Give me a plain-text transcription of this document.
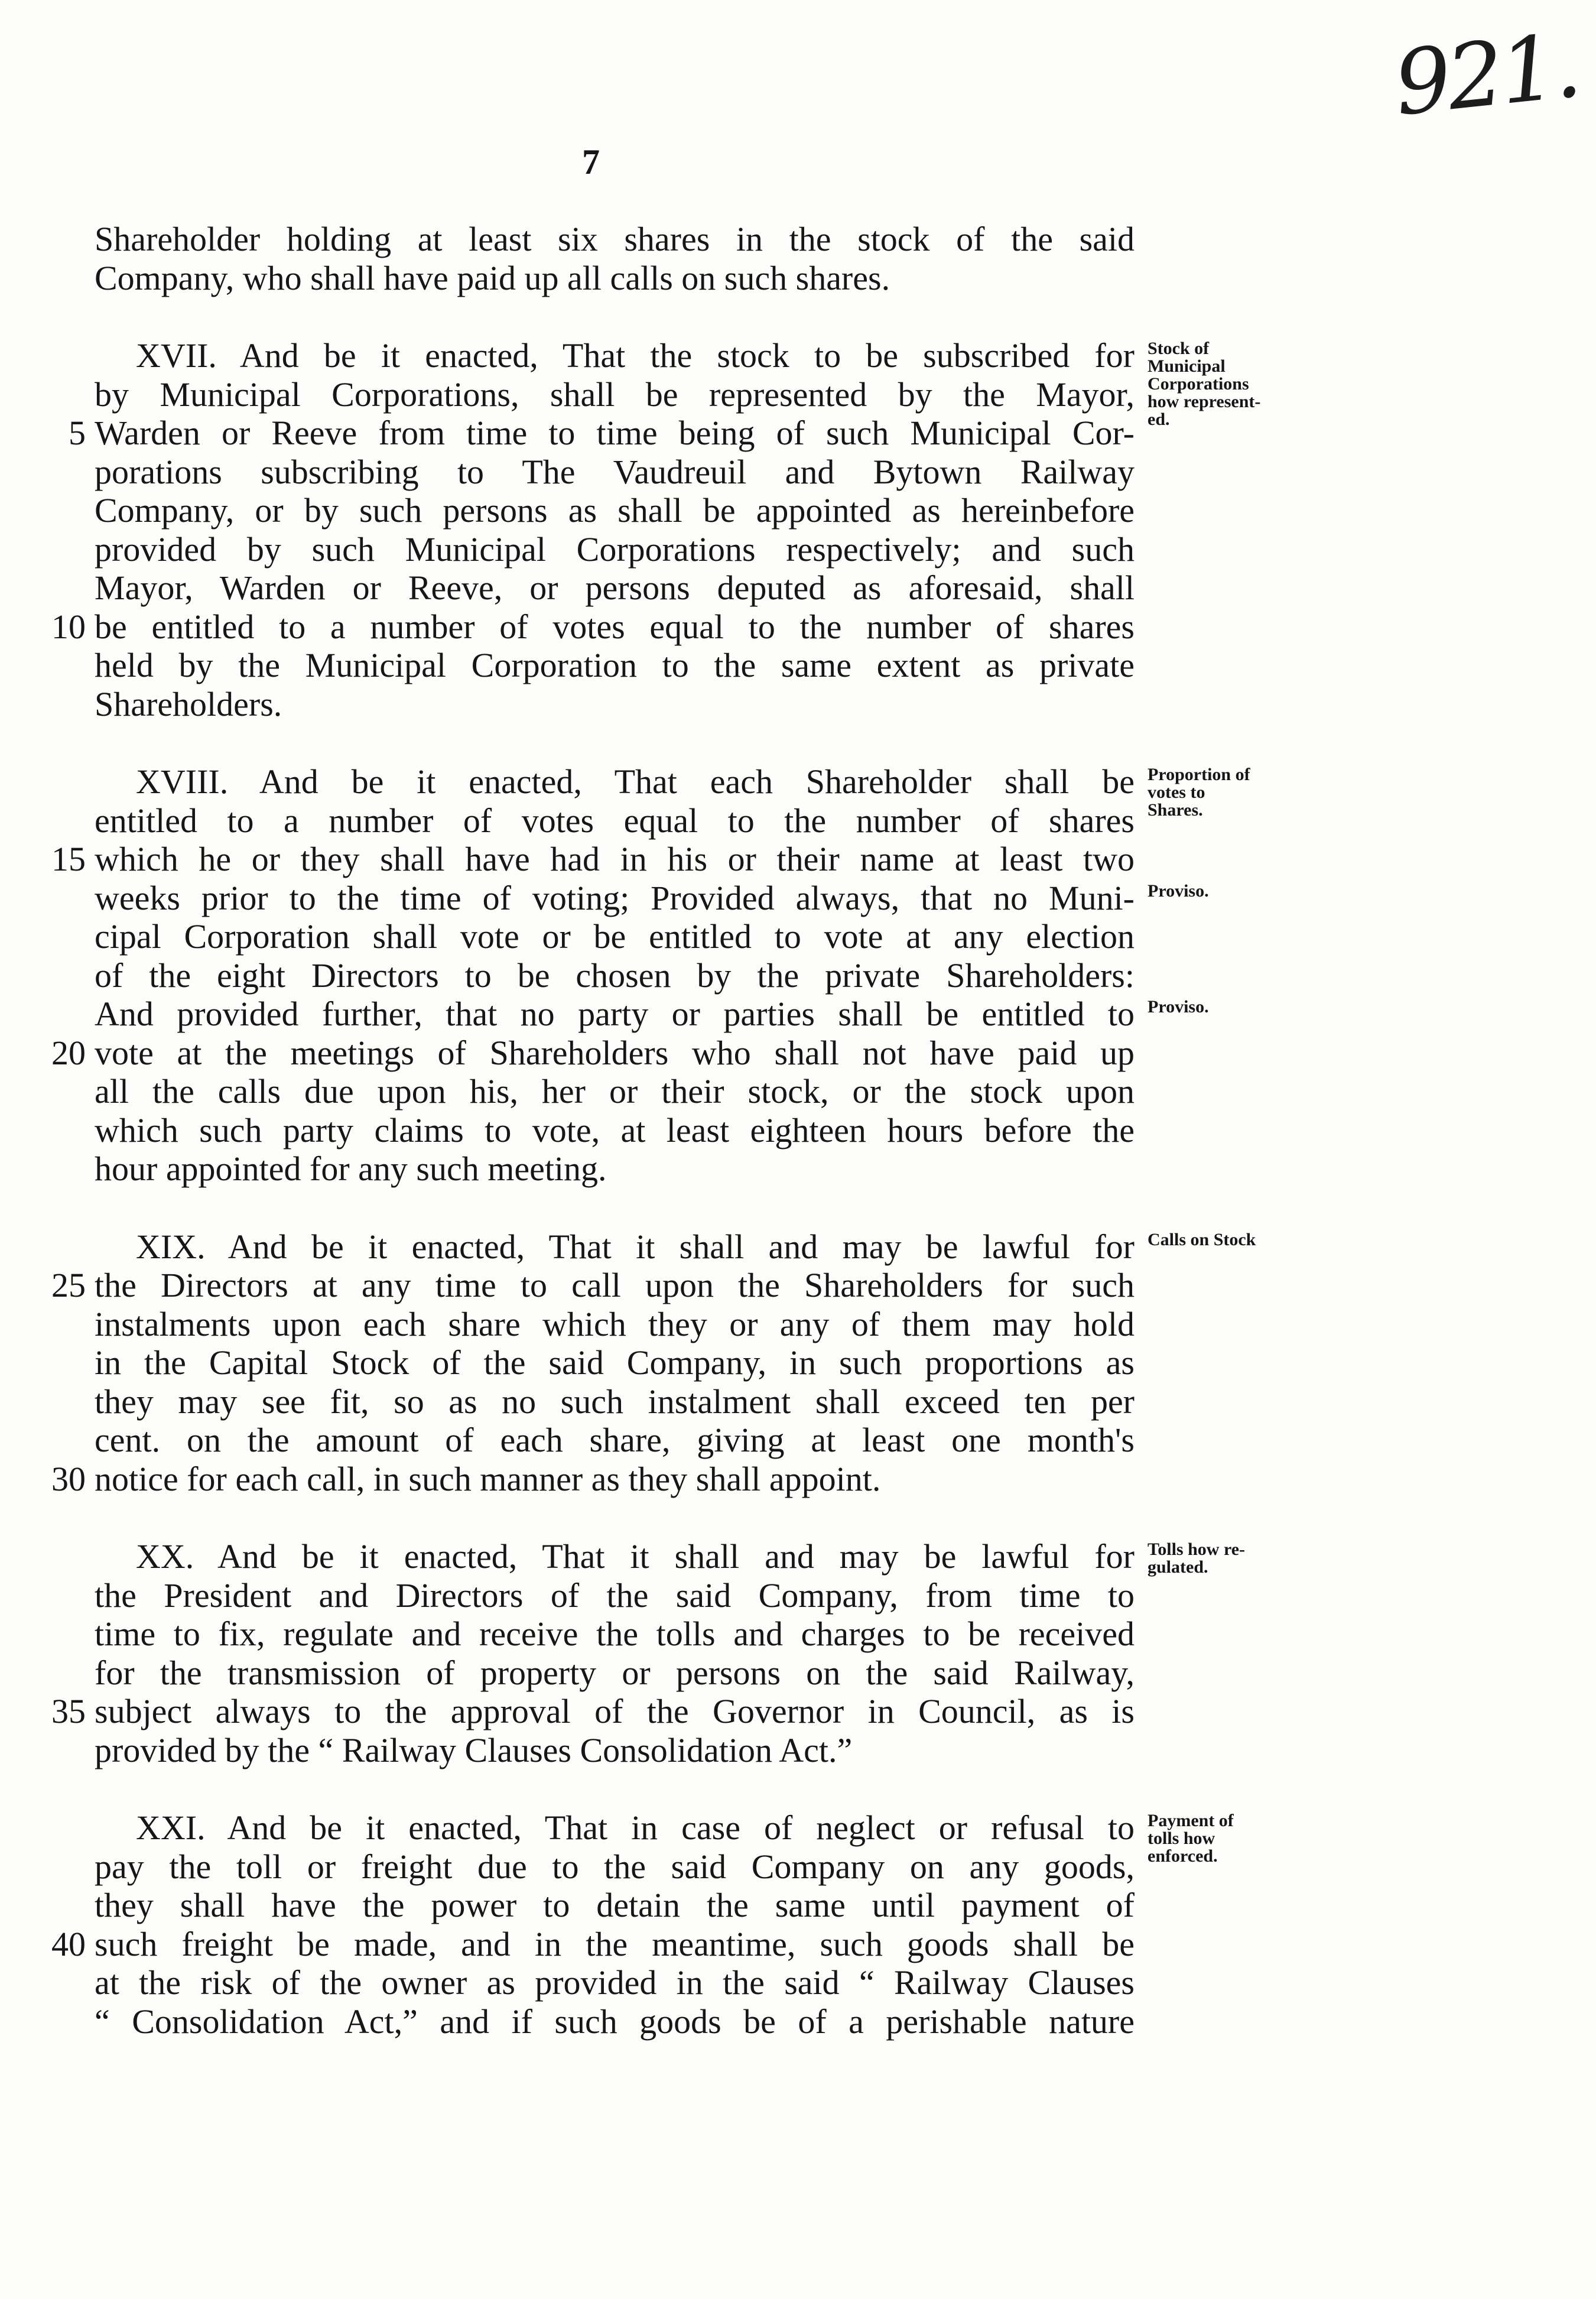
921.
7
Shareholder holding at least six shares in the stock of the said
Company, who shall have paid up all calls on such shares.
XVII. And be it enacted, That the stock to be subscribed for Stock of
Municipal
Corporations
how represent-
ed.
by Municipal Corporations, shall be represented by the Mayor,
Warden or Reeve from time to time being of such Municipal Cor-
5
porations subscribing to The Vaudreuil and Bytown Railway
Company, or by such persons as shall be appointed as hereinbefore
provided by such Municipal Corporations respectively; and such
Mayor, Warden or Reeve, or persons deputed as aforesaid, shall
be entitled to a number of votes equal to the number of shares
10
held by the Municipal Corporation to the same extent as private
Shareholders.
XVIII. And be it enacted, That each Shareholder shall be Proportion of
votes to
Shares.
entitled to a number of votes equal to the number of shares
which he or they shall have had in his or their name at least two
15
weeks prior to the time of voting; Provided always, that no Muni- Proviso.
cipal Corporation shall vote or be entitled to vote at any election
of the eight Directors to be chosen by the private Shareholders:
And provided further, that no party or parties shall be entitled to Proviso.
vote at the meetings of Shareholders who shall not have paid up
20
all the calls due upon his, her or their stock, or the stock upon
which such party claims to vote, at least eighteen hours before the
hour appointed for any such meeting.
XIX. And be it enacted, That it shall and may be lawful for Calls on Stock
the Directors at any time to call upon the Shareholders for such
25
instalments upon each share which they or any of them may hold
in the Capital Stock of the said Company, in such proportions as
they may see fit, so as no such instalment shall exceed ten per
cent. on the amount of each share, giving at least one month's
notice for each call, in such manner as they shall appoint.
30
XX. And be it enacted, That it shall and may be lawful for Tolls how re-
gulated.
the President and Directors of the said Company, from time to
time to fix, regulate and receive the tolls and charges to be received
for the transmission of property or persons on the said Railway,
subject always to the approval of the Governor in Council, as is
35
provided by the “ Railway Clauses Consolidation Act.”
XXI. And be it enacted, That in case of neglect or refusal to Payment of
tolls how
enforced.
pay the toll or freight due to the said Company on any goods,
they shall have the power to detain the same until payment of
such freight be made, and in the meantime, such goods shall be
40
at the risk of the owner as provided in the said “ Railway Clauses
“ Consolidation Act,” and if such goods be of a perishable nature
